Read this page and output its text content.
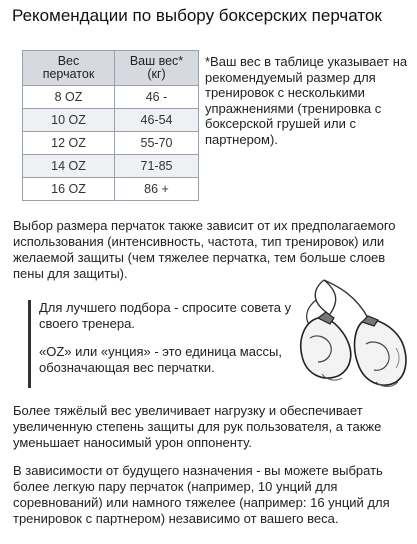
Рекомендации по выбору боксерских перчаток
Вес перчаток	Ваш вес* (кг)
8 OZ	46 -
10 OZ	46-54
12 OZ	55-70
14 OZ	71-85
16 OZ	86 +
*Ваш вес в таблице указывает на рекомендуемый размер для тренировок с несколькими упражнениями (тренировка с боксерской грушей или с партнером).
Выбор размера перчаток также зависит от их предполагаемого использования (интенсивность, частота, тип тренировок) или желаемой защиты (чем тяжелее перчатка, тем больше слоев пены для защиты).

Для лучшего подбора - спросите совета у своего тренера.

«OZ» или «унция» - это единица массы, обозначающая вес перчатки.

Более тяжёлый вес увеличивает нагрузку и обеспечивает увеличенную степень защиты для рук пользователя, а также уменьшает наносимый урон оппоненту.
В зависимости от будущего назначения - вы можете выбрать более легкую пару перчаток (например, 10 унций для соревнований) или намного тяжелее (например: 16 унций для тренировок с партнером) независимо от вашего веса.
